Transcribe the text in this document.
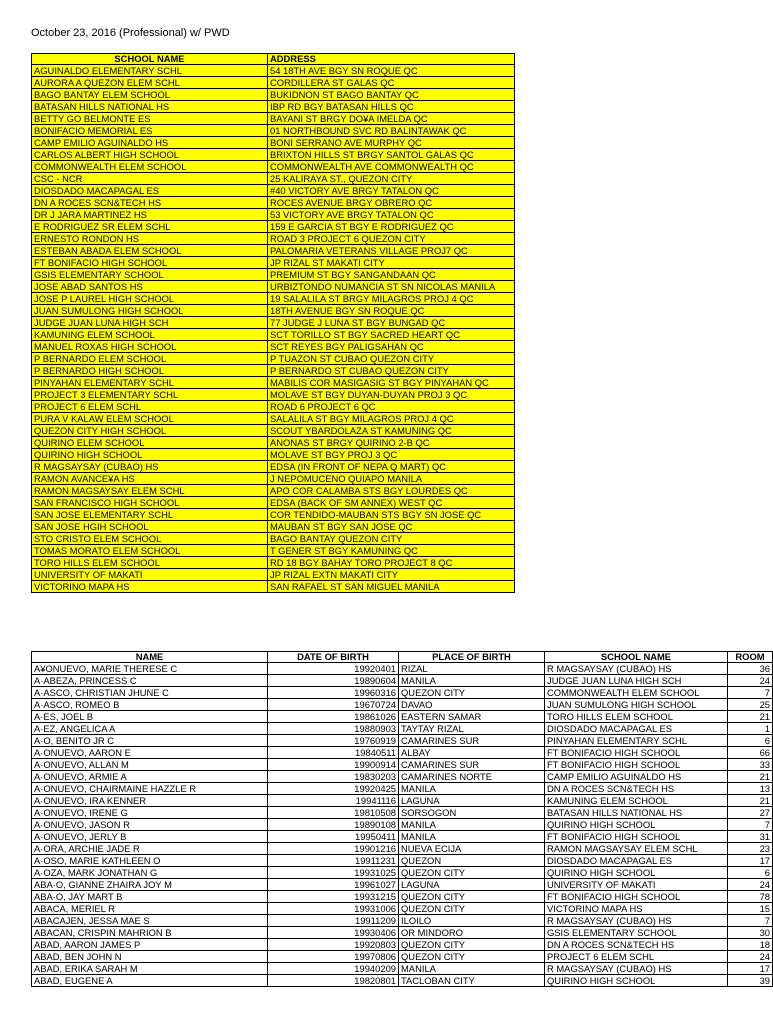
October 23, 2016 (Professional) w/ PWD
SCHOOL NAME	ADDRESS
AGUINALDO ELEMENTARY SCHL	54 18TH AVE BGY SN ROQUE QC
AURORA A QUEZON ELEM SCHL	CORDILLERA ST GALAS QC
BAGO BANTAY ELEM SCHOOL	BUKIDNON ST BAGO BANTAY QC
BATASAN HILLS NATIONAL HS	IBP RD BGY BATASAN HILLS QC
BETTY GO BELMONTE ES	BAYANI ST BRGY DO¥A IMELDA QC
BONIFACIO MEMORIAL ES	01 NORTHBOUND SVC RD BALINTAWAK QC
CAMP EMILIO AGUINALDO HS	BONI SERRANO AVE MURPHY QC
CARLOS ALBERT HIGH SCHOOL	BRIXTON HILLS ST BRGY SANTOL GALAS QC
COMMONWEALTH ELEM SCHOOL	COMMONWEALTH AVE COMMONWEALTH QC
CSC - NCR	25 KALIRAYA ST., QUEZON CITY
DIOSDADO MACAPAGAL ES	#40 VICTORY AVE BRGY TATALON QC
DN A ROCES SCN&TECH HS	ROCES AVENUE BRGY OBRERO QC
DR J JARA MARTINEZ HS	53 VICTORY AVE BRGY TATALON QC
E RODRIGUEZ SR ELEM SCHL	159 E GARCIA ST BGY E RODRIGUEZ QC
ERNESTO RONDON HS	ROAD 3 PROJECT 6 QUEZON CITY
ESTEBAN ABADA ELEM SCHOOL	PALOMARIA VETERANS VILLAGE PROJ7 QC
FT BONIFACIO HIGH SCHOOL	JP RIZAL ST MAKATI CITY
GSIS ELEMENTARY SCHOOL	PREMIUM ST BGY SANGANDAAN QC
JOSE ABAD SANTOS HS	URBIZTONDO NUMANCIA ST SN NICOLAS MANILA
JOSE P LAUREL HIGH SCHOOL	19 SALALILA ST BRGY MILAGROS PROJ 4 QC
JUAN SUMULONG HIGH SCHOOL	18TH AVENUE BGY SN ROQUE QC
JUDGE JUAN LUNA HIGH SCH	77 JUDGE J LUNA ST BGY BUNGAD QC
KAMUNING ELEM SCHOOL	SCT TORILLO ST BGY SACRED HEART QC
MANUEL ROXAS HIGH SCHOOL	SCT REYES BGY PALIGSAHAN QC
P BERNARDO ELEM SCHOOL	P TUAZON ST CUBAO QUEZON CITY
P BERNARDO HIGH SCHOOL	P BERNARDO ST CUBAO QUEZON CITY
PINYAHAN ELEMENTARY SCHL	MABILIS COR MASIGASIG ST BGY PINYAHAN QC
PROJECT 3 ELEMENTARY SCHL	MOLAVE ST BGY DUYAN-DUYAN PROJ 3 QC
PROJECT 6 ELEM SCHL	ROAD 6 PROJECT 6 QC
PURA V KALAW ELEM SCHOOL	SALALILA ST BGY MILAGROS PROJ 4 QC
QUEZON CITY HIGH SCHOOL	SCOUT YBARDOLAZA ST KAMUNING QC
QUIRINO ELEM SCHOOL	ANONAS ST BRGY QUIRINO 2-B QC
QUIRINO HIGH SCHOOL	MOLAVE ST BGY PROJ 3 QC
R MAGSAYSAY (CUBAO) HS	EDSA (IN FRONT OF NEPA Q MART) QC
RAMON AVANCE¥A HS	J NEPOMUCENO QUIAPO MANILA
RAMON MAGSAYSAY ELEM SCHL	APO COR CALAMBA STS BGY LOURDES QC
SAN FRANCISCO HIGH SCHOOL	EDSA (BACK OF SM ANNEX) WEST QC
SAN JOSE ELEMENTARY SCHL	COR TENDIDO-MAUBAN STS BGY SN JOSE QC
SAN JOSE HGIH SCHOOL	MAUBAN ST BGY SAN JOSE QC
STO CRISTO ELEM SCHOOL	BAGO BANTAY QUEZON CITY
TOMAS MORATO ELEM SCHOOL	T GENER ST BGY KAMUNING QC
TORO HILLS ELEM SCHOOL	RD 18 BGY BAHAY TORO PROJECT 8 QC
UNIVERSITY OF MAKATI	JP RIZAL EXTN MAKATI CITY
VICTORINO MAPA HS	SAN RAFAEL ST SAN MIGUEL MANILA
NAME	DATE OF BIRTH	PLACE OF BIRTH	SCHOOL NAME	ROOM
A¥ONUEVO, MARIE THERESE C	19920401	RIZAL	R MAGSAYSAY (CUBAO) HS	36
A·ABEZA, PRINCESS C	19890604	MANILA	JUDGE JUAN LUNA HIGH SCH	24
A·ASCO, CHRISTIAN JHUNE C	19960316	QUEZON CITY	COMMONWEALTH ELEM SCHOOL	7
A·ASCO, ROMEO B	19670724	DAVAO	JUAN SUMULONG HIGH SCHOOL	25
A·ES, JOEL B	19861026	EASTERN SAMAR	TORO HILLS ELEM SCHOOL	21
A·EZ, ANGELICA A	19880903	TAYTAY RIZAL	DIOSDADO MACAPAGAL ES	1
A·O, BENITO JR C	19760919	CAMARINES SUR	PINYAHAN ELEMENTARY SCHL	6
A·ONUEVO, AARON E	19840511	ALBAY	FT BONIFACIO HIGH SCHOOL	66
A·ONUEVO, ALLAN M	19900914	CAMARINES SUR	FT BONIFACIO HIGH SCHOOL	33
A·ONUEVO, ARMIE A	19830203	CAMARINES NORTE	CAMP EMILIO AGUINALDO HS	21
A·ONUEVO, CHAIRMAINE HAZZLE R	19920425	MANILA	DN A ROCES SCN&TECH HS	13
A·ONUEVO, IRA KENNER	19941116	LAGUNA	KAMUNING ELEM SCHOOL	21
A·ONUEVO, IRENE G	19810508	SORSOGON	BATASAN HILLS NATIONAL HS	27
A·ONUEVO, JASON R	19890108	MANILA	QUIRINO HIGH SCHOOL	7
A·ONUEVO, JERLY B	19950411	MANILA	FT BONIFACIO HIGH SCHOOL	31
A·ORA, ARCHIE JADE R	19901216	NUEVA ECIJA	RAMON MAGSAYSAY ELEM SCHL	23
A·OSO, MARIE KATHLEEN O	19911231	QUEZON	DIOSDADO MACAPAGAL ES	17
A·OZA, MARK JONATHAN G	19931025	QUEZON CITY	QUIRINO HIGH SCHOOL	6
ABA·O, GIANNE ZHAIRA JOY M	19961027	LAGUNA	UNIVERSITY OF MAKATI	24
ABA·O, JAY MART B	19931215	QUEZON CITY	FT BONIFACIO HIGH SCHOOL	78
ABACA, MERIEL R	19931006	QUEZON CITY	VICTORINO MAPA HS	15
ABACAJEN, JESSA MAE S	19911209	ILOILO	R MAGSAYSAY (CUBAO) HS	7
ABACAN, CRISPIN MAHRION B	19930406	OR MINDORO	GSIS ELEMENTARY SCHOOL	30
ABAD, AARON JAMES P	19920803	QUEZON CITY	DN A ROCES SCN&TECH HS	18
ABAD, BEN JOHN N	19970806	QUEZON CITY	PROJECT 6 ELEM SCHL	24
ABAD, ERIKA SARAH M	19940209	MANILA	R MAGSAYSAY (CUBAO) HS	17
ABAD, EUGENE A	19820801	TACLOBAN CITY	QUIRINO HIGH SCHOOL	39
